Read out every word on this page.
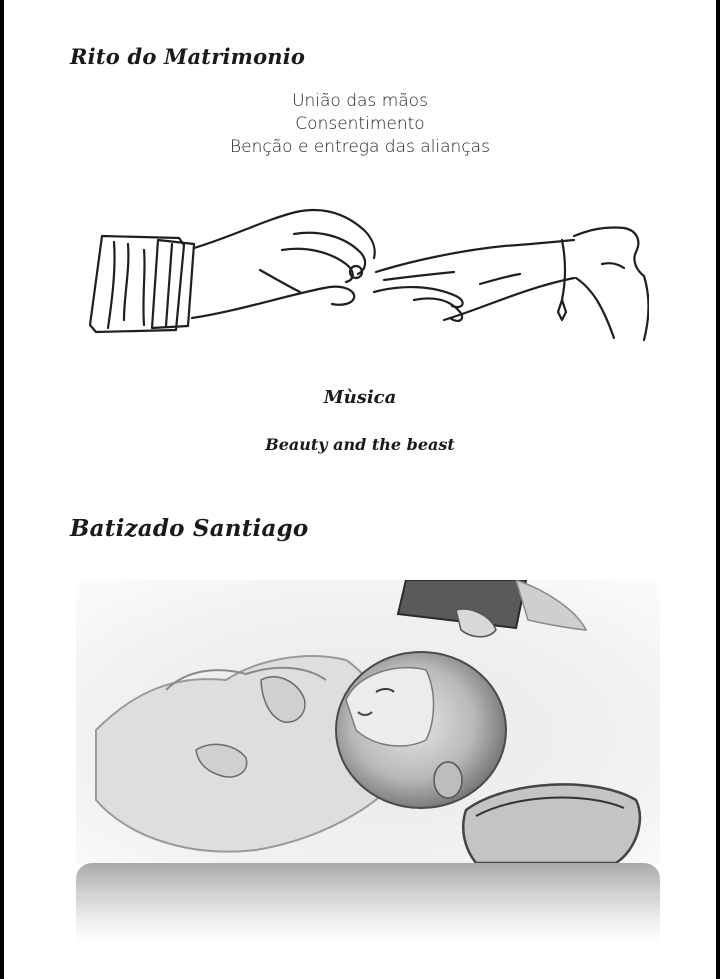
Rito do Matrimonio
União das mãos
Consentimento
Benção e entrega das alianças
Mùsica
Beauty and the beast
Batizado Santiago
